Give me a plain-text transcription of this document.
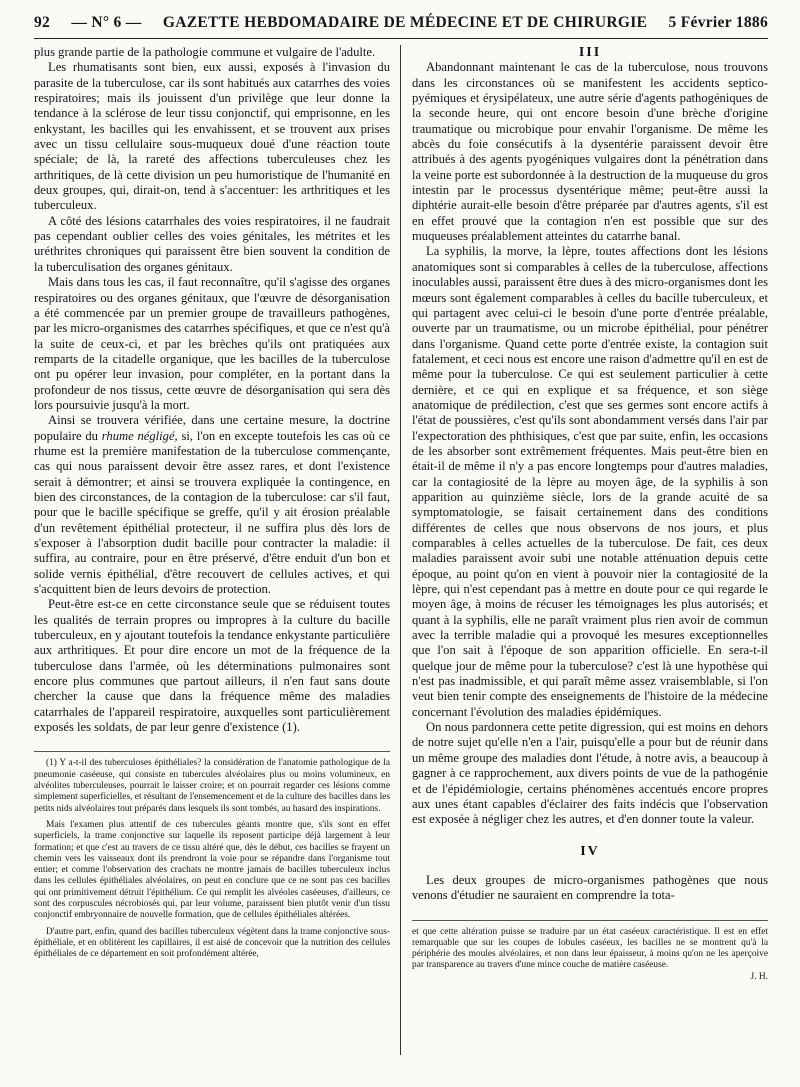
92 — N° 6 — GAZETTE HEBDOMADAIRE DE MÉDECINE ET DE CHIRURGIE 5 Février 1886

plus grande partie de la pathologie commune et vulgaire de l'adulte.

Les rhumatisants sont bien, eux aussi, exposés à l'invasion du parasite de la tuberculose, car ils sont habitués aux catarrhes des voies respiratoires; mais ils jouissent d'un privilège que leur donne la tendance à la sclérose de leur tissu conjonctif, qui emprisonne, en les enkystant, les bacilles qui les envahissent, et se trouvent aux prises avec un tissu cellulaire sous-muqueux doué d'une réaction toute spéciale; de là, la rareté des affections tuberculeuses chez les arthritiques, de là cette division un peu humoristique de l'humanité en deux groupes, qui, dirait-on, tend à s'accentuer: les arthritiques et les tuberculeux.

A côté des lésions catarrhales des voies respiratoires, il ne faudrait pas cependant oublier celles des voies génitales, les métrites et les uréthrites chroniques qui paraissent être bien souvent la condition de la tuberculisation des organes génitaux.

Mais dans tous les cas, il faut reconnaître, qu'il s'agisse des organes respiratoires ou des organes génitaux, que l'œuvre de désorganisation a été commencée par un premier groupe de travailleurs pathogènes, par les micro-organismes des catarrhes spécifiques, et que ce n'est qu'à la suite de ceux-ci, et par les brèches qu'ils ont pratiquées aux remparts de la citadelle organique, que les bacilles de la tuberculose ont pu opérer leur invasion, pour compléter, en la portant dans la profondeur de nos tissus, cette œuvre de désorganisation qui sera dès lors poursuivie jusqu'à la mort.

Ainsi se trouvera vérifiée, dans une certaine mesure, la doctrine populaire du rhume négligé, si, l'on en excepte toutefois les cas où ce rhume est la première manifestation de la tuberculose commençante, cas qui nous paraissent devoir être assez rares, et dont l'existence serait à démontrer; et ainsi se trouvera expliquée la contingence, en bien des circonstances, de la contagion de la tuberculose: car s'il faut, pour que le bacille spécifique se greffe, qu'il y ait érosion préalable d'un revêtement épithélial protecteur, il ne suffira plus dès lors de s'exposer à l'absorption dudit bacille pour contracter la maladie: il suffira, au contraire, pour en être préservé, d'être enduit d'un bon et solide vernis épithélial, d'être recouvert de cellules actives, et qui s'acquittent bien de leurs devoirs de protection.

Peut-être est-ce en cette circonstance seule que se réduisent toutes les qualités de terrain propres ou impropres à la culture du bacille tuberculeux, en y ajoutant toutefois la tendance enkystante particulière aux arthritiques. Et pour dire encore un mot de la fréquence de la tuberculose dans l'armée, où les déterminations pulmonaires sont encore plus communes que partout ailleurs, il n'en faut sans doute chercher la cause que dans la fréquence même des maladies catarrhales de l'appareil respiratoire, auxquelles sont particulièrement exposés les soldats, de par leur genre d'existence (1).

(1) Y a-t-il des tuberculoses épithéliales? la considération de l'anatomie pathologique de la pneumonie caséeuse, qui consiste en tubercules alvéolaires plus ou moins volumineux, en alvéolites tuberculeuses, pourrait le laisser croire; et on pourrait regarder ces lésions comme simplement superficielles, et résultant de l'ensemencement et de la culture des bacilles dans les petits nids alvéolaires tout préparés dans lesquels ils sont tombés, au hasard des inspirations.

Mais l'examen plus attentif de ces tubercules géants montre que, s'ils sont en effet superficiels, la trame conjonctive sur laquelle ils reposent participe déjà largement à leur formation; et que c'est au travers de ce tissu altéré que, dès le début, ces bacilles se frayent un chemin vers les vaisseaux dont ils prendront la voie pour se répandre dans l'organisme tout entier; et comme l'observation des crachats ne montre jamais de bacilles tuberculeux inclus dans les cellules épithéliales alvéolaires, on peut en conclure que ce ne sont pas ces bacilles qui ont primitivement détruit l'épithélium. Ce qui remplit les alvéoles caséeuses, d'ailleurs, ce sont des corpuscules nécrobiosés qui, par leur volume, paraissent bien plutôt venir d'un tissu conjonctif embryonnaire de nouvelle formation, que de cellules épithéliales altérées.

D'autre part, enfin, quand des bacilles tuberculeux végètent dans la trame conjonctive sous-épithéliale, et en oblitèrent les capillaires, il est aisé de concevoir que la nutrition des cellules épithéliales de ce département en soit profondément altérée,

III

Abandonnant maintenant le cas de la tuberculose, nous trouvons dans les circonstances où se manifestent les accidents septico-pyémiques et érysipélateux, une autre série d'agents pathogéniques de la seconde heure, qui ont encore besoin d'une brèche d'origine traumatique ou microbique pour envahir l'organisme. De même les abcès du foie consécutifs à la dysentérie paraissent devoir être attribués à des agents pyogéniques vulgaires dont la pénétration dans la veine porte est subordonnée à la destruction de la muqueuse du gros intestin par le processus dysentérique même; peut-être aussi la diphtérie aurait-elle besoin d'être préparée par d'autres agents, s'il est en effet prouvé que la contagion n'en est possible que sur des muqueuses préalablement atteintes du catarrhe banal.

La syphilis, la morve, la lèpre, toutes affections dont les lésions anatomiques sont si comparables à celles de la tuberculose, affections inoculables aussi, paraissent être dues à des micro-organismes dont les mœurs sont également comparables à celles du bacille tuberculeux, et qui partagent avec celui-ci le besoin d'une porte d'entrée préalable, ouverte par un traumatisme, ou un microbe épithélial, pour pénétrer dans l'organisme. Quand cette porte d'entrée existe, la contagion suit fatalement, et ceci nous est encore une raison d'admettre qu'il en est de même pour la tuberculose. Ce qui est seulement particulier à cette dernière, et ce qui en explique et sa fréquence, et son siège anatomique de prédilection, c'est que ses germes sont encore actifs à l'état de poussières, c'est qu'ils sont abondamment versés dans l'air par l'expectoration des phthisiques, c'est que par suite, enfin, les occasions de les absorber sont extrêmement fréquentes. Mais peut-être bien en était-il de même il n'y a pas encore longtemps pour d'autres maladies, car la contagiosité de la lèpre au moyen âge, de la syphilis à son apparition au quinzième siècle, lors de la grande acuité de sa symptomatologie, se faisait certainement dans des conditions différentes de celles que nous observons de nos jours, et plus comparables à celles actuelles de la tuberculose. De fait, ces deux maladies paraissent avoir subi une notable atténuation depuis cette époque, au point qu'on en vient à pouvoir nier la contagiosité de la lèpre, qui n'est cependant pas à mettre en doute pour ce qui regarde le moyen âge, à moins de récuser les témoignages les plus autorisés; et quant à la syphilis, elle ne paraît vraiment plus rien avoir de commun avec la terrible maladie qui a provoqué les mesures exceptionnelles que l'on sait à l'époque de son apparition officielle. En sera-t-il quelque jour de même pour la tuberculose? c'est là une hypothèse qui n'est pas inadmissible, et qui paraît même assez vraisemblable, si l'on veut bien tenir compte des enseignements de l'histoire de la médecine concernant l'évolution des maladies épidémiques.

On nous pardonnera cette petite digression, qui est moins en dehors de notre sujet qu'elle n'en a l'air, puisqu'elle a pour but de réunir dans un même groupe des maladies dont l'étude, à notre avis, a beaucoup à gagner à ce rapprochement, aux divers points de vue de la pathogénie et de l'épidémiologie, certains phénomènes accentués encore propres aux unes étant capables d'éclairer des faits indécis que l'observation est exposée à négliger chez les autres, et d'en donner toute la valeur.

IV

Les deux groupes de micro-organismes pathogènes que nous venons d'étudier ne sauraient en comprendre la tota-

et que cette altération puisse se traduire par un état caséeux caractéristique. Il est en effet remarquable que sur les coupes de lobules caséeux, les bacilles ne se montrent qu'à la périphérie des moules alvéolaires, et non dans leur épaisseur, à moins qu'on ne les aperçoive par transparence au travers d'une mince couche de matière caséeuse.

J. H.
